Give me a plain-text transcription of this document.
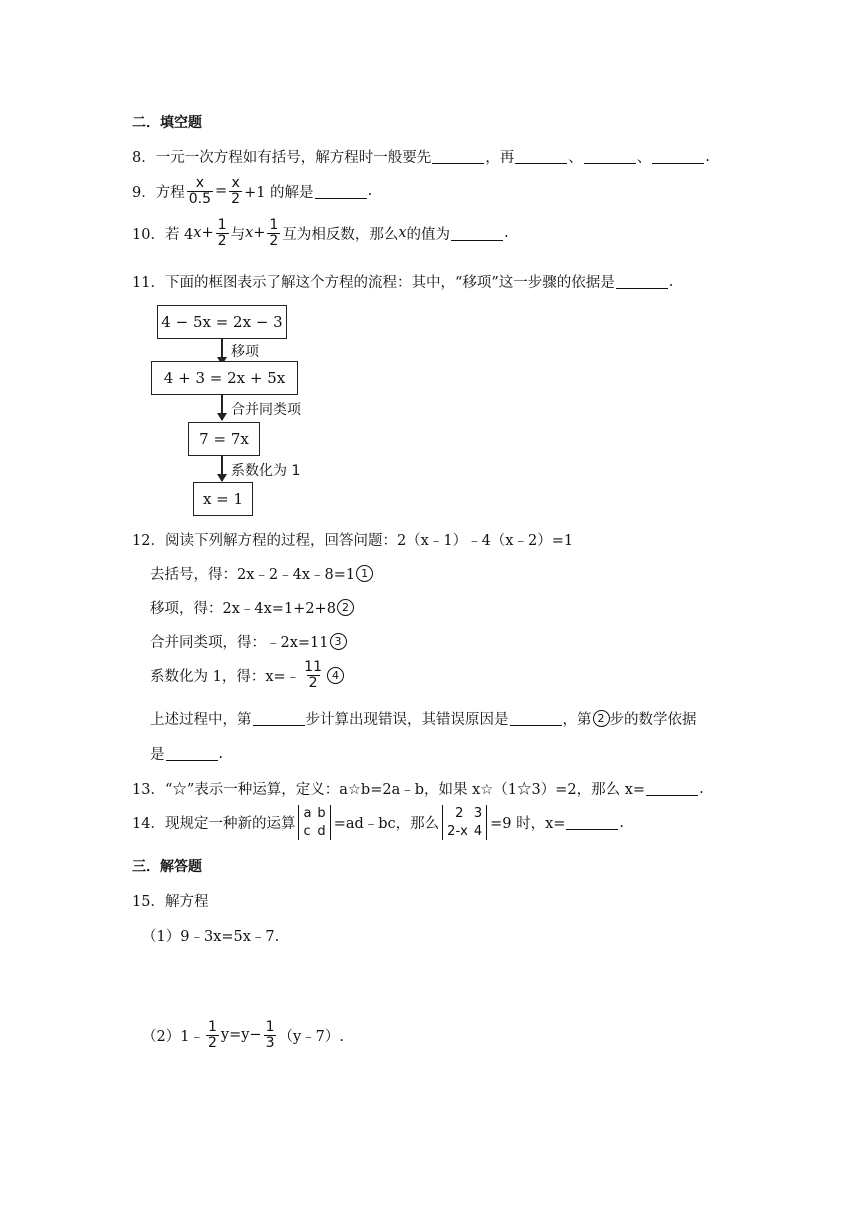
二．填空题
8．一元一次方程如有括号，解方程时一般要先	，再	、	、	.
9．方程 $\frac{x}{0.5} = \frac{x}{2} +1$ 的解是	.
10．若 4 $x + \frac{1}{2}$ 与 $x + \frac{1}{2}$ 互为相反数，那么 x 的值为	.
11．下面的框图表示了解这个方程的流程：其中，“移项”这一步骤的依据是	.
4 − 5x = 2x − 3
移项
4 + 3 = 2x + 5x
合并同类项
7 = 7x
系数化为 1
x = 1
12．阅读下列解方程的过程，回答问题：2（x﹣1）﹣4（x﹣2）=1
去括号，得：2x﹣2﹣4x﹣8=1 1
移项，得：2x﹣4x=1+2+8 2
合并同类项，得：﹣2x=11 3
系数化为 1，得：x=﹣ $\frac{11}{2} 4$
上述过程中，第	步计算出现错误，其错误原因是	，第 2 步的数学依据
是	.
13．“☆”表示一种运算，定义：a☆b=2a﹣b，如果 x☆（1☆3）=2，那么 x=	.
14．现规定一种新的运算
a b
c d =ad﹣bc，那么
2 3
2-x 4 =9 时，x=	.
三．解答题
15．解方程
（1）9﹣3x=5x﹣7.
（2）1﹣ $\frac{1}{2} y=y- \frac{1}{3}$ （y﹣7）.
